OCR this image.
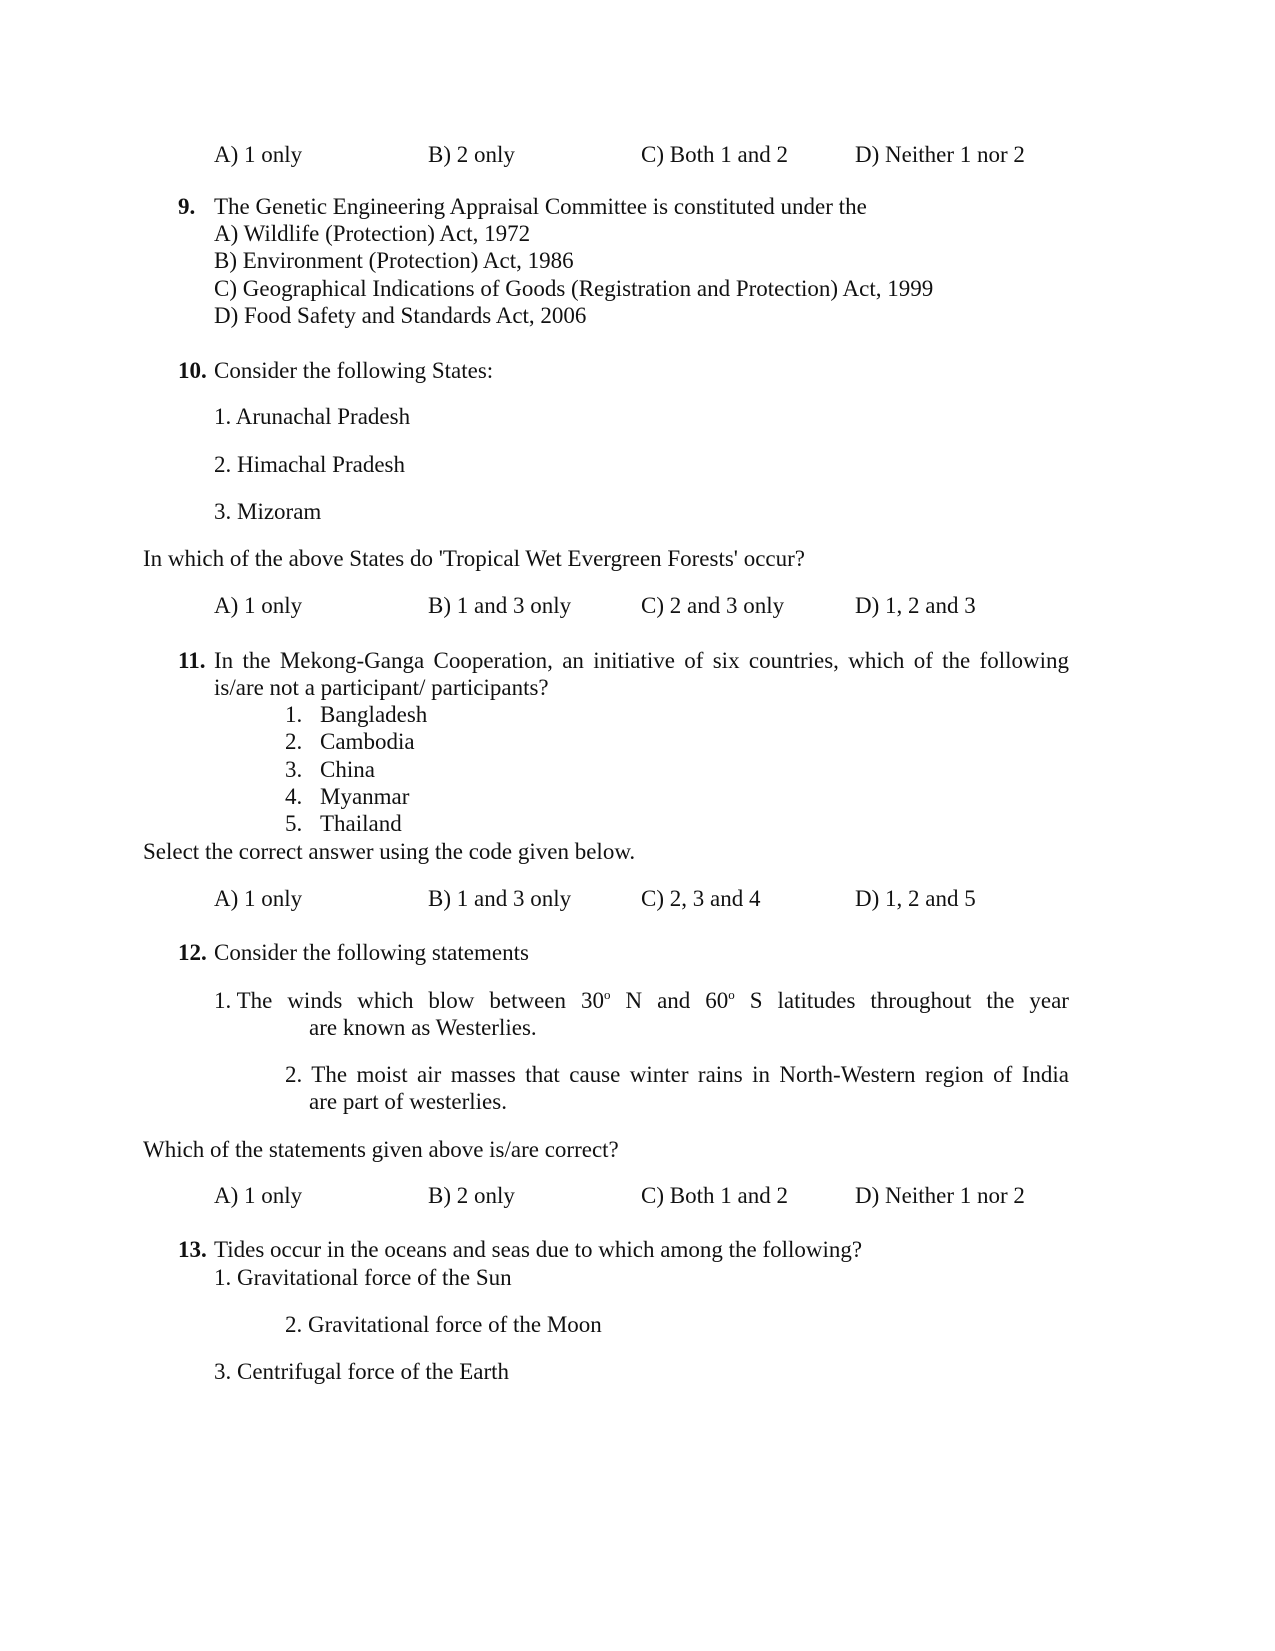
A) 1 only	B) 2 only	C) Both 1 and 2	D) Neither 1 nor 2
9. The Genetic Engineering Appraisal Committee is constituted under the
A) Wildlife (Protection) Act, 1972
B) Environment (Protection) Act, 1986
C) Geographical Indications of Goods (Registration and Protection) Act, 1999
D) Food Safety and Standards Act, 2006
10. Consider the following States:
1. Arunachal Pradesh
2. Himachal Pradesh
3. Mizoram
In which of the above States do 'Tropical Wet Evergreen Forests' occur?
A) 1 only	B) 1 and 3 only	C) 2 and 3 only	D) 1, 2 and 3
11. In the Mekong-Ganga Cooperation, an initiative of six countries, which of the following
is/are not a participant/ participants?
1. Bangladesh
2. Cambodia
3. China
4. Myanmar
5. Thailand
Select the correct answer using the code given below.
A) 1 only	B) 1 and 3 only	C) 2, 3 and 4	D) 1, 2 and 5
12. Consider the following statements
1. The winds which blow between 30$^o$ N and 60$^o$ S latitudes throughout the year
are known as Westerlies.
2. The moist air masses that cause winter rains in North-Western region of India
are part of westerlies.
Which of the statements given above is/are correct?
A) 1 only	B) 2 only	C) Both 1 and 2	D) Neither 1 nor 2
13. Tides occur in the oceans and seas due to which among the following?
1. Gravitational force of the Sun
2. Gravitational force of the Moon
3. Centrifugal force of the Earth
